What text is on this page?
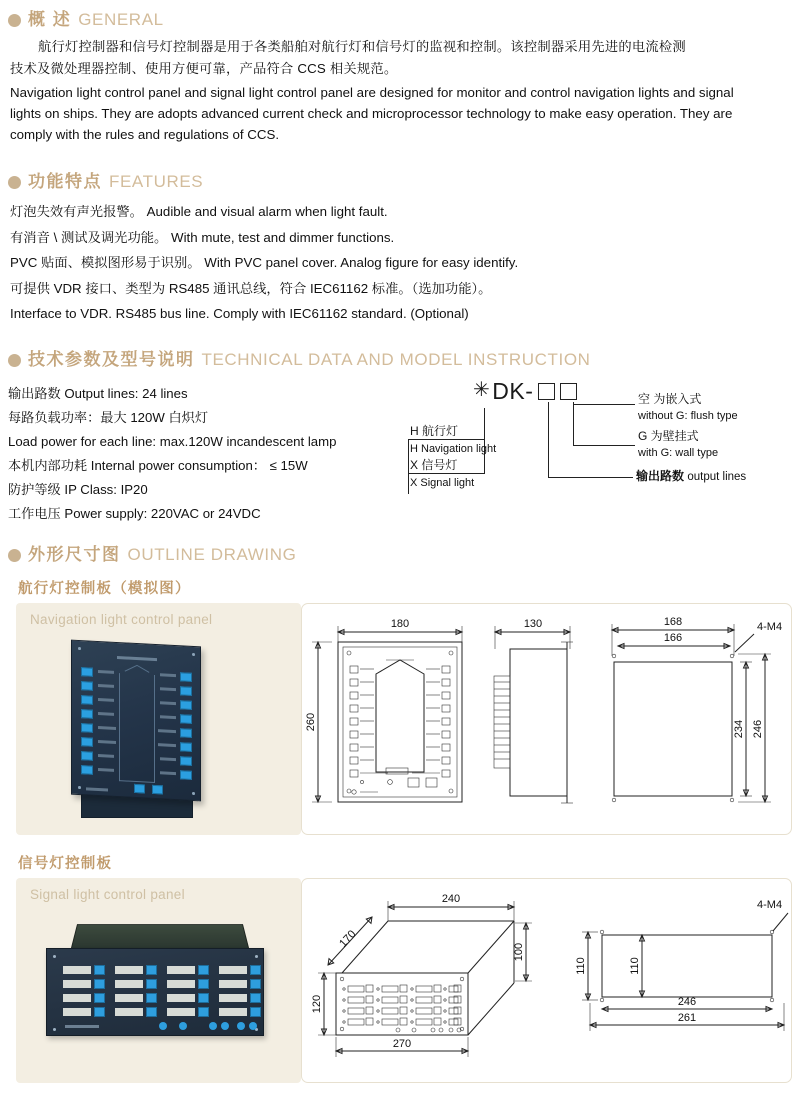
概 述 GENERAL
航行灯控制器和信号灯控制器是用于各类船舶对航行灯和信号灯的监视和控制。该控制器采用先进的电流检测
技术及微处理器控制、使用方便可靠，产品符合 CCS 相关规范。
Navigation light control panel and signal light control panel are designed for monitor and control navigation lights and signal
lights on ships. They are adopts advanced current check and microprocessor technology to make easy operation. They are
comply with the rules and regulations of CCS.
功能特点 FEATURES
灯泡失效有声光报警。 Audible and visual alarm when light fault.
有消音 \ 测试及调光功能。 With mute, test and dimmer functions.
PVC 贴面、模拟图形易于识别。 With PVC panel cover. Analog figure for easy identify.
可提供 VDR 接口、类型为 RS485 通讯总线，符合 IEC61162 标准。（选加功能）。
Interface to VDR. RS485 bus line. Comply with IEC61162 standard. (Optional)
技术参数及型号说明 TECHNICAL DATA AND MODEL INSTRUCTION
输出路数 Output lines: 24 lines
每路负载功率：最大 120W 白炽灯
Load power for each line: max.120W incandescent lamp
本机内部功耗 Internal power consumption： ≤ 15W
防护等级 IP Class: IP20
工作电压 Power supply: 220VAC or 24VDC
✳ DK-
H 航行灯
H Navigation light
X 信号灯
X Signal light	输出路数 output lines
空 为嵌入式
without G: flush type
G 为壁挂式
with G: wall type
外形尺寸图 OUTLINE DRAWING
航行灯控制板（模拟图）
Navigation light control panel	180
260
130	168
166
4-M4
234 246
信号灯控制板
Signal light control panel	240
170
100
120
270
4-M4
110	110
246
261
